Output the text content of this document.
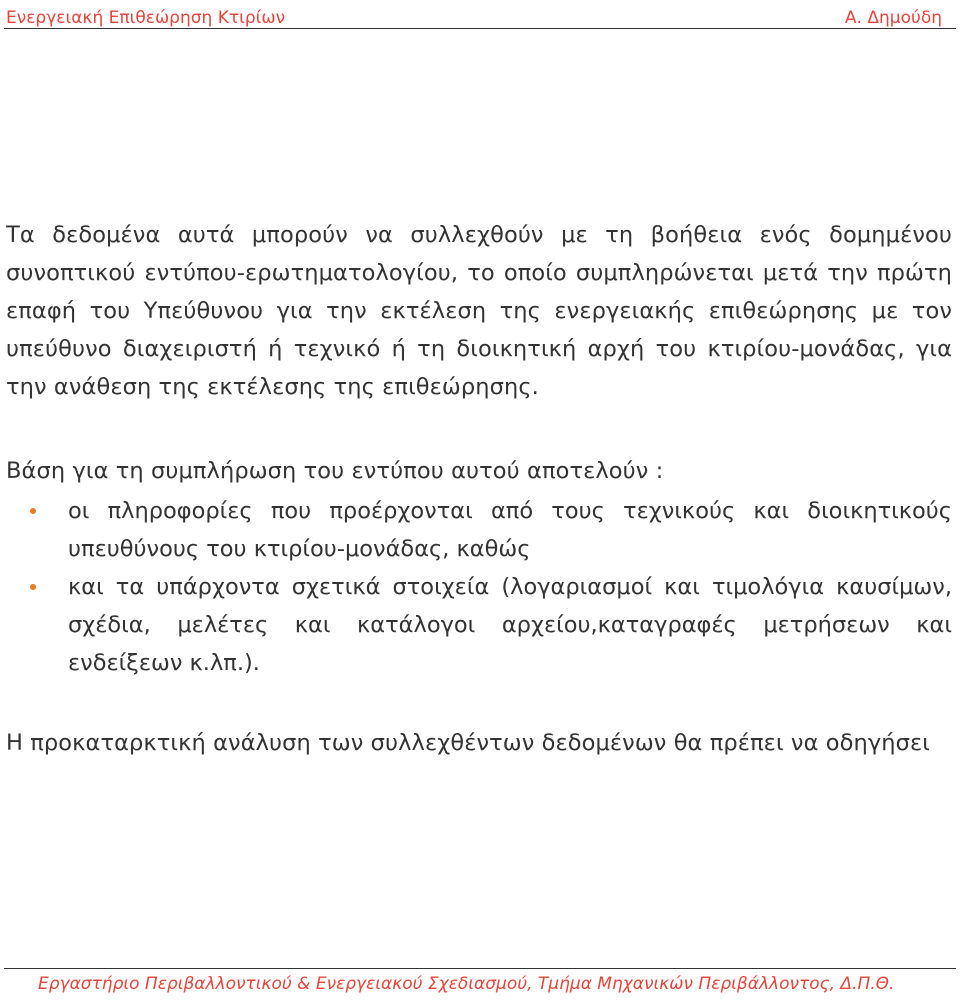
Ενεργειακή Επιθεώρηση Κτιρίων	Α. Δημούδη

Τα δεδομένα αυτά μπορούν να συλλεχθούν με τη βοήθεια ενός δομημένου συνοπτικού εντύπου-ερωτηματολογίου, το οποίο συμπληρώνεται μετά την πρώτη επαφή του Υπεύθυνου για την εκτέλεση της ενεργειακής επιθεώρησης με τον υπεύθυνο διαχειριστή ή τεχνικό ή τη διοικητική αρχή του κτιρίου-μονάδας, για την ανάθεση της εκτέλεσης της επιθεώρησης.

Βάση για τη συμπλήρωση του εντύπου αυτού αποτελούν :

οι πληροφορίες που προέρχονται από τους τεχνικούς και διοικητικούς υπευθύνους του κτιρίου-μονάδας, καθώς
και τα υπάρχοντα σχετικά στοιχεία (λογαριασμοί και τιμολόγια καυσίμων, σχέδια, μελέτες και κατάλογοι αρχείου,καταγραφές μετρήσεων και ενδείξεων κ.λπ.).

Η προκαταρκτική ανάλυση των συλλεχθέντων δεδομένων θα πρέπει να οδηγήσει

Εργαστήριο Περιβαλλοντικού & Ενεργειακού Σχεδιασμού, Τμήμα Μηχανικών Περιβάλλοντος, Δ.Π.Θ.
